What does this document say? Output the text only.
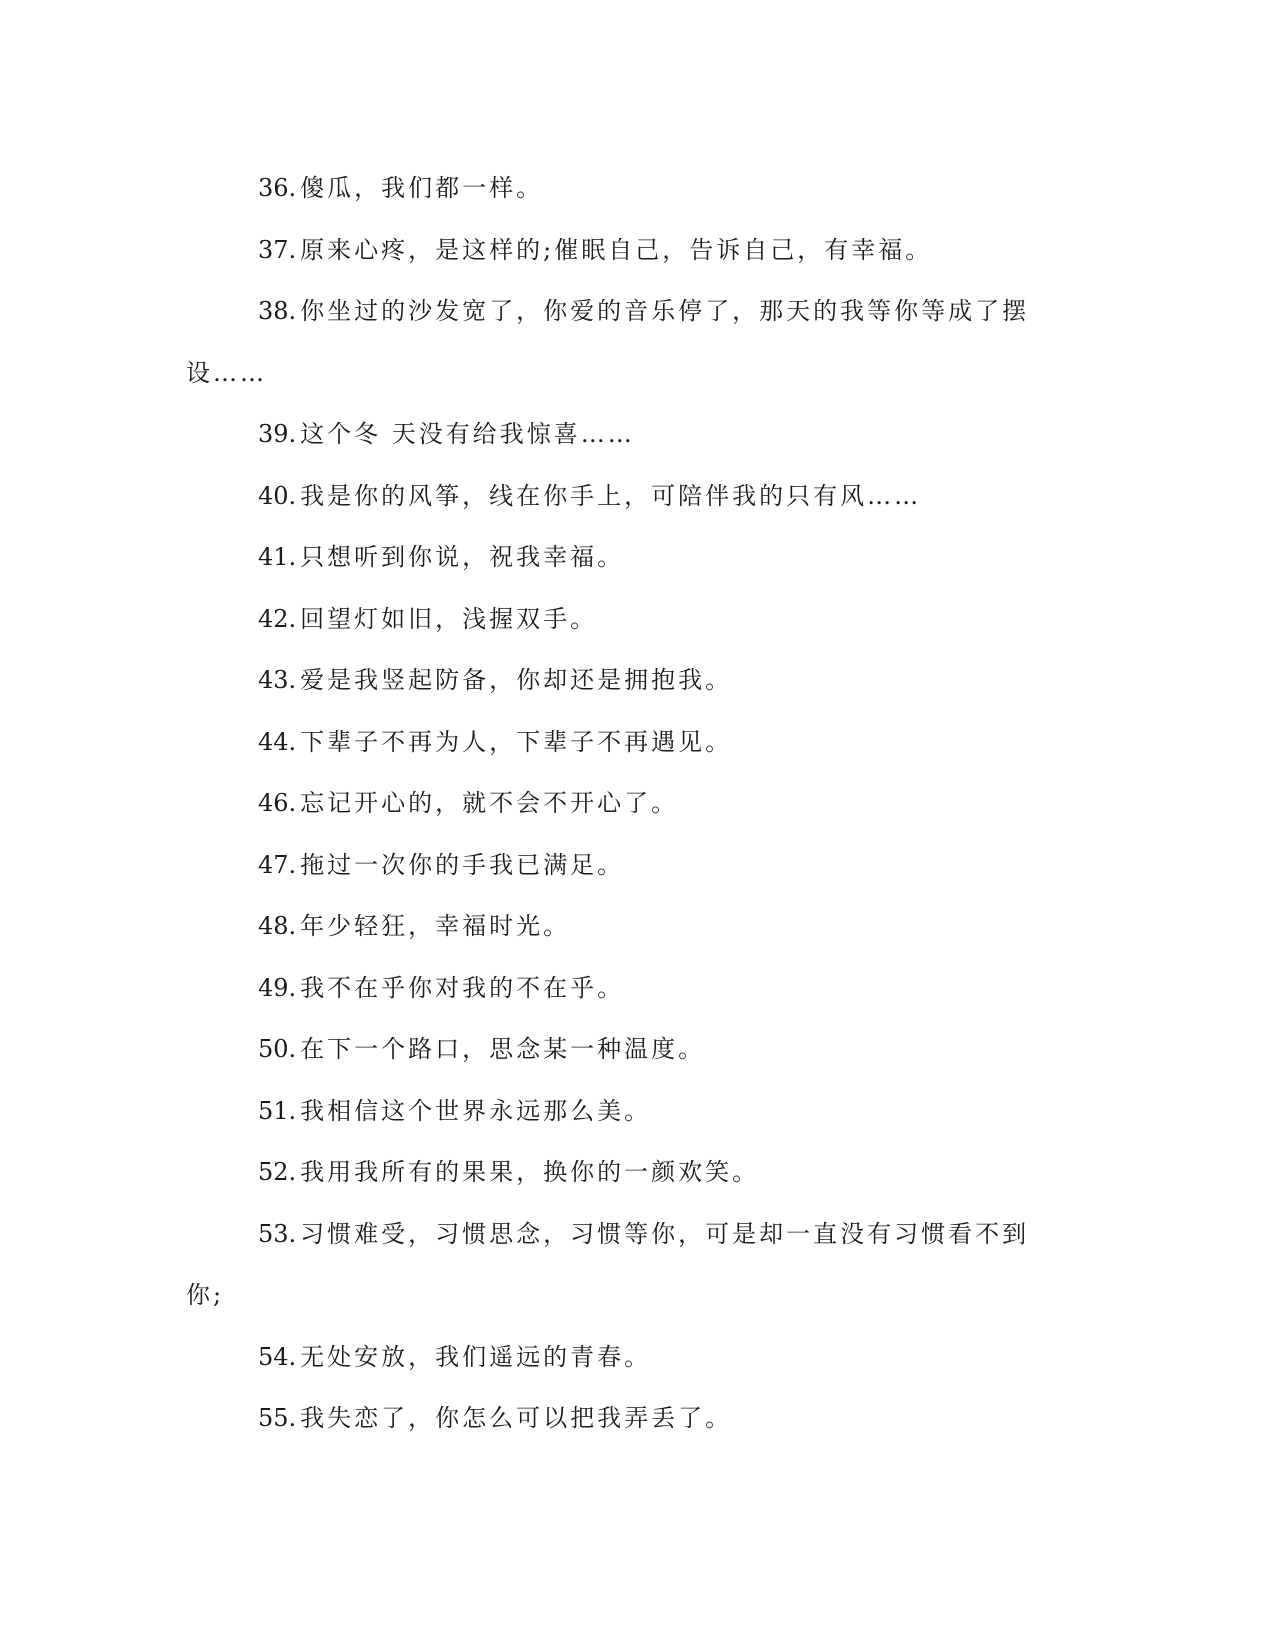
36. 傻瓜，我们都一样。

37. 原来心疼，是这样的;催眠自己，告诉自己，有幸福。

38. 你坐过的沙发宽了，你爱的音乐停了，那天的我等你等成了摆设……

39. 这个冬 天没有给我惊喜……

40. 我是你的风筝，线在你手上，可陪伴我的只有风……

41. 只想听到你说，祝我幸福。

42. 回望灯如旧，浅握双手。

43. 爱是我竖起防备，你却还是拥抱我。

44. 下辈子不再为人，下辈子不再遇见。

46. 忘记开心的，就不会不开心了。

47. 拖过一次你的手我已满足。

48. 年少轻狂，幸福时光。

49. 我不在乎你对我的不在乎。

50. 在下一个路口，思念某一种温度。

51. 我相信这个世界永远那么美。

52. 我用我所有的果果，换你的一颜欢笑。

53. 习惯难受，习惯思念，习惯等你，可是却一直没有习惯看不到你;

54. 无处安放，我们遥远的青春。

55. 我失恋了，你怎么可以把我弄丢了。
